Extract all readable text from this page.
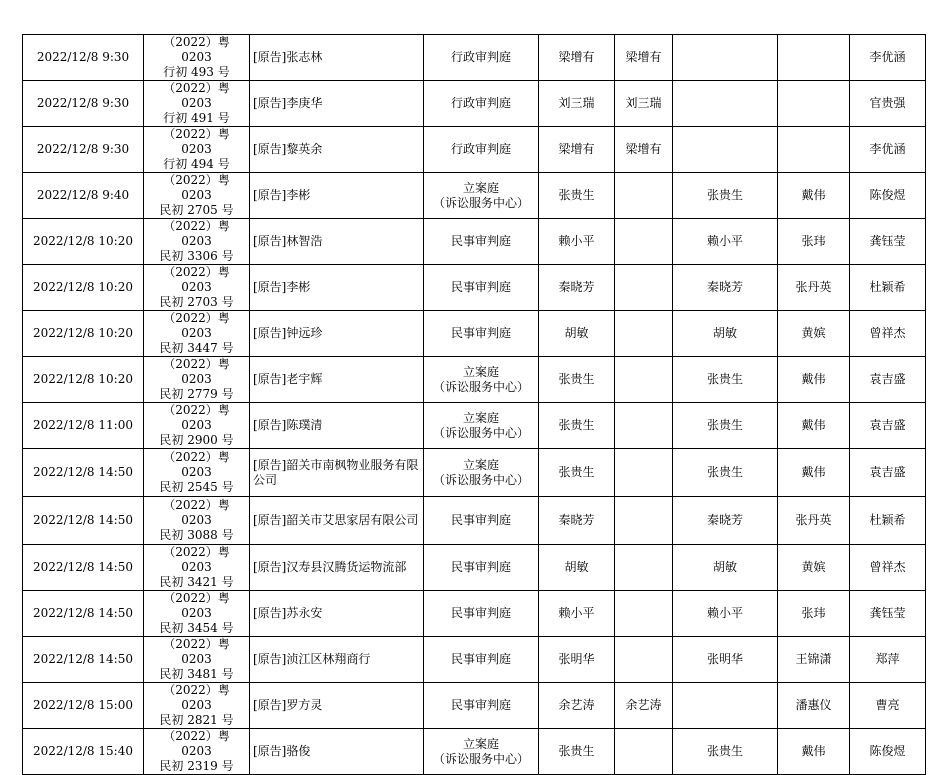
2022/12/8 9:30	（2022）粤 0203
行初 493 号	[原告]张志林	行政审判庭	梁增有	梁增有			李优涵

2022/12/8 9:30	（2022）粤 0203
行初 491 号	[原告]李庚华	行政审判庭	刘三瑞	刘三瑞			官贵强

2022/12/8 9:30	（2022）粤 0203
行初 494 号	[原告]黎英余	行政审判庭	梁增有	梁增有			李优涵

2022/12/8 9:40	（2022）粤 0203
民初 2705 号	[原告]李彬	立案庭
（诉讼服务中心）	张贵生		张贵生	戴伟	陈俊煜

2022/12/8 10:20	（2022）粤 0203
民初 3306 号	[原告]林智浩	民事审判庭	赖小平		赖小平	张玮	龚钰莹

2022/12/8 10:20	（2022）粤 0203
民初 2703 号	[原告]李彬	民事审判庭	秦晓芳		秦晓芳	张丹英	杜颖希

2022/12/8 10:20	（2022）粤 0203
民初 3447 号	[原告]钟远珍	民事审判庭	胡敏		胡敏	黄嫔	曾祥杰

2022/12/8 10:20	（2022）粤 0203
民初 2779 号	[原告]老宇辉	立案庭
（诉讼服务中心）	张贵生		张贵生	戴伟	袁吉盛

2022/12/8 11:00	（2022）粤 0203
民初 2900 号	[原告]陈璞清	立案庭
（诉讼服务中心）	张贵生		张贵生	戴伟	袁吉盛

2022/12/8 14:50	（2022）粤 0203
民初 2545 号	[原告]韶关市南枫物业服务有限公司	立案庭
（诉讼服务中心）	张贵生		张贵生	戴伟	袁吉盛

2022/12/8 14:50	（2022）粤 0203
民初 3088 号	[原告]韶关市艾思家居有限公司	民事审判庭	秦晓芳		秦晓芳	张丹英	杜颖希

2022/12/8 14:50	（2022）粤 0203
民初 3421 号	[原告]汉寿县汉腾货运物流部	民事审判庭	胡敏		胡敏	黄嫔	曾祥杰

2022/12/8 14:50	（2022）粤 0203
民初 3454 号	[原告]苏永安	民事审判庭	赖小平		赖小平	张玮	龚钰莹

2022/12/8 14:50	（2022）粤 0203
民初 3481 号	[原告]浈江区林翔商行	民事审判庭	张明华		张明华	王锦潇	郑萍

2022/12/8 15:00	（2022）粤 0203
民初 2821 号	[原告]罗方灵	民事审判庭	余艺涛	余艺涛		潘惠仪	曹亮

2022/12/8 15:40	（2022）粤 0203
民初 2319 号	[原告]骆俊	立案庭
（诉讼服务中心）	张贵生		张贵生	戴伟	陈俊煜
